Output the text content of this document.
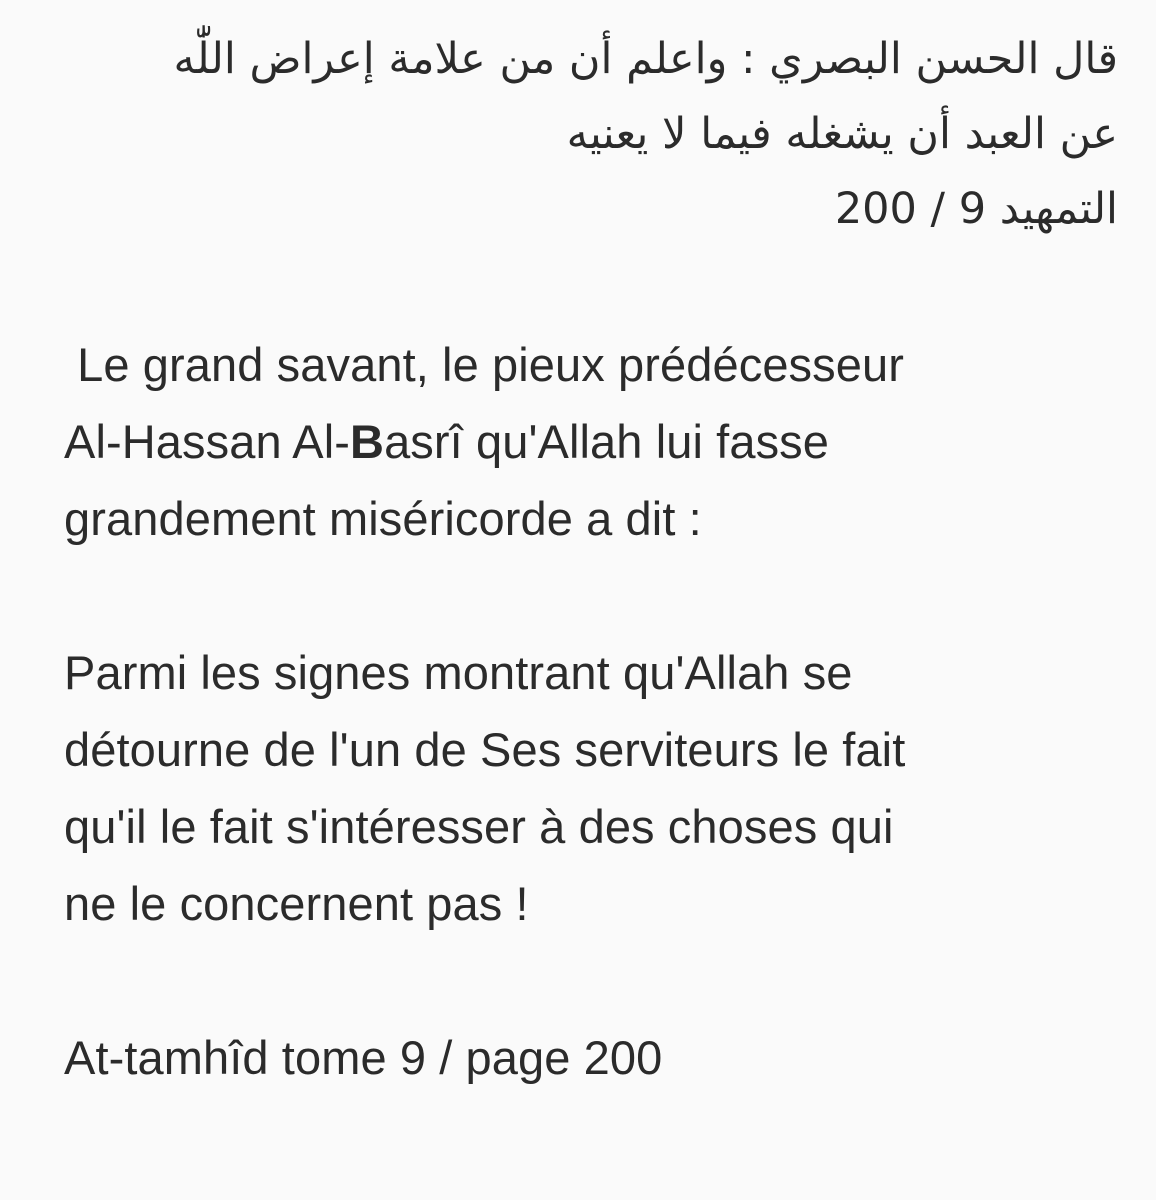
قال الحسن البصري : واعلم أن من علامة إعراض اللّٰه
عن العبد أن يشغله فيما لا يعنيه
التمهيد 9 / 200
Le grand savant, le pieux prédécesseur
Al-Hassan Al-Basrî qu'Allah lui fasse
grandement miséricorde a dit :
Parmi les signes montrant qu'Allah se
détourne de l'un de Ses serviteurs le fait
qu'il le fait s'intéresser à des choses qui
ne le concernent pas !
At-tamhîd tome 9 / page 200
